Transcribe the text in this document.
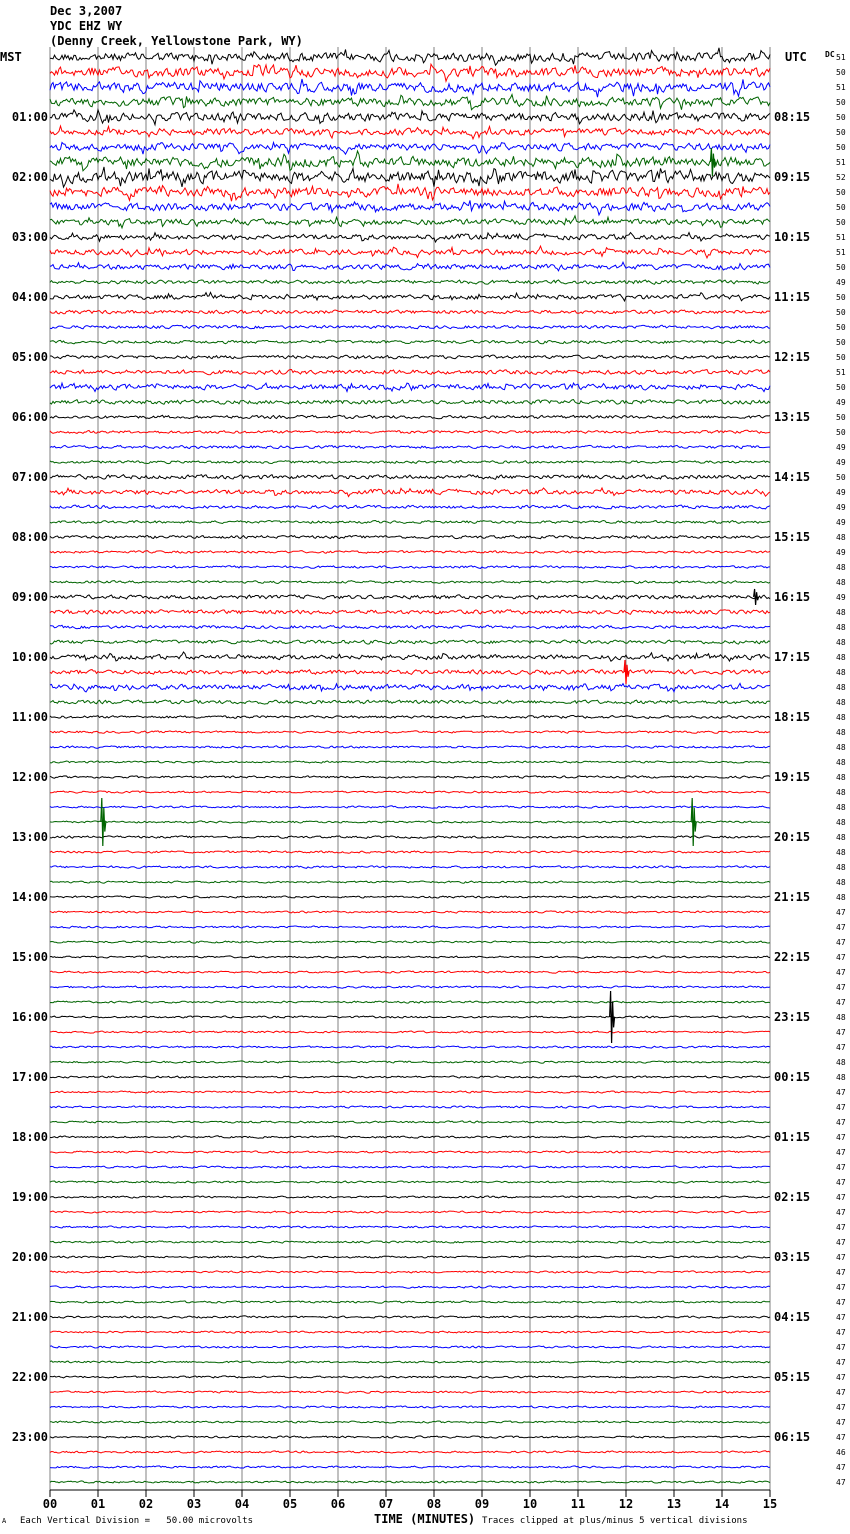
Dec 3,2007
YDC EHZ WY
(Denny Creek, Yellowstone Park, WY)
MST	UTC DC
00	01	02	03	04	05	06	07	08	09	10	11	12	13	14	15
51
50
51
50
50
01:00	08:15
50
50
51
52
02:00	09:15
50
50
50
51
03:00	10:15
51
50
49
50
04:00	11:15
50
50
50
50
05:00	12:15
51
50
49
50
06:00	13:15
50
49
49
50
07:00	14:15
49
49
49
48
08:00	15:15
49
48
48
49
09:00	16:15
48
48
48
48
10:00	17:15
48
48
48
48
11:00	18:15
48
48
48
48
12:00	19:15
48
48
48
48
13:00	20:15
48
48
48
48
14:00	21:15
47
47
47
47
15:00	22:15
47
47
47
48
16:00	23:15
47
47
48
48
17:00	00:15
47
47
47
47
18:00	01:15
47
47
47
47
19:00	02:15
47
47
47
47
20:00	03:15
47
47
47
47
21:00	04:15
47
47
47
47
22:00	05:15
47
47
47
47
23:00	06:15
46
47
47
TIME (MINUTES)
A Each Vertical Division =   50.00 microvolts	Traces clipped at plus/minus 5 vertical divisions
